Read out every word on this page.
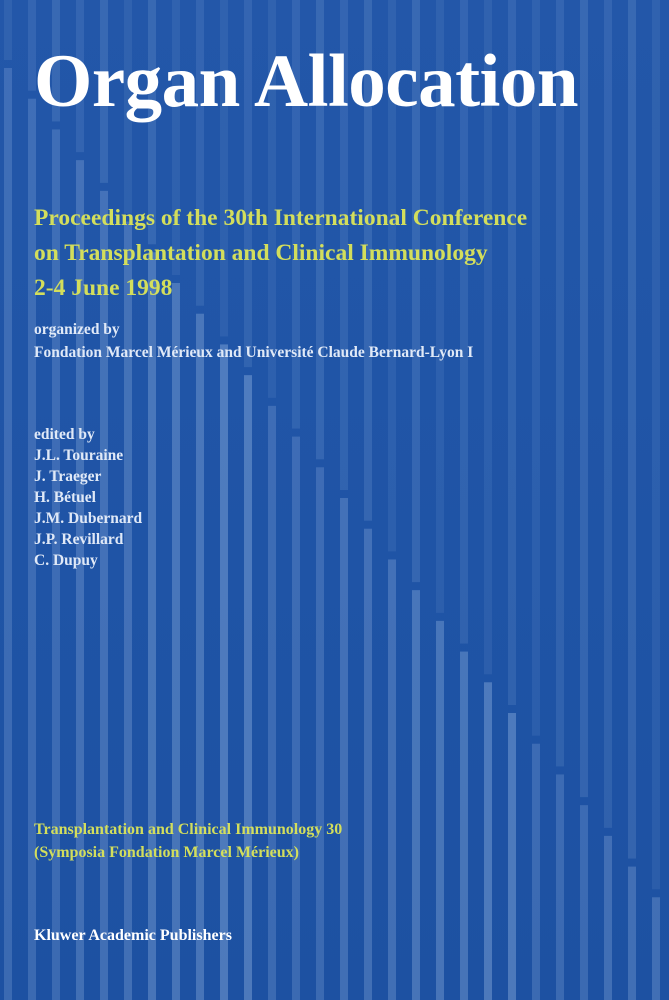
Organ Allocation
Proceedings of the 30th International Conference
on Transplantation and Clinical Immunology
2-4 June 1998
organized by
Fondation Marcel Mérieux and Université Claude Bernard-Lyon I
edited by
J.L. Touraine
J. Traeger
H. Bétuel
J.M. Dubernard
J.P. Revillard
C. Dupuy
Transplantation and Clinical Immunology 30
(Symposia Fondation Marcel Mérieux)
Kluwer Academic Publishers
